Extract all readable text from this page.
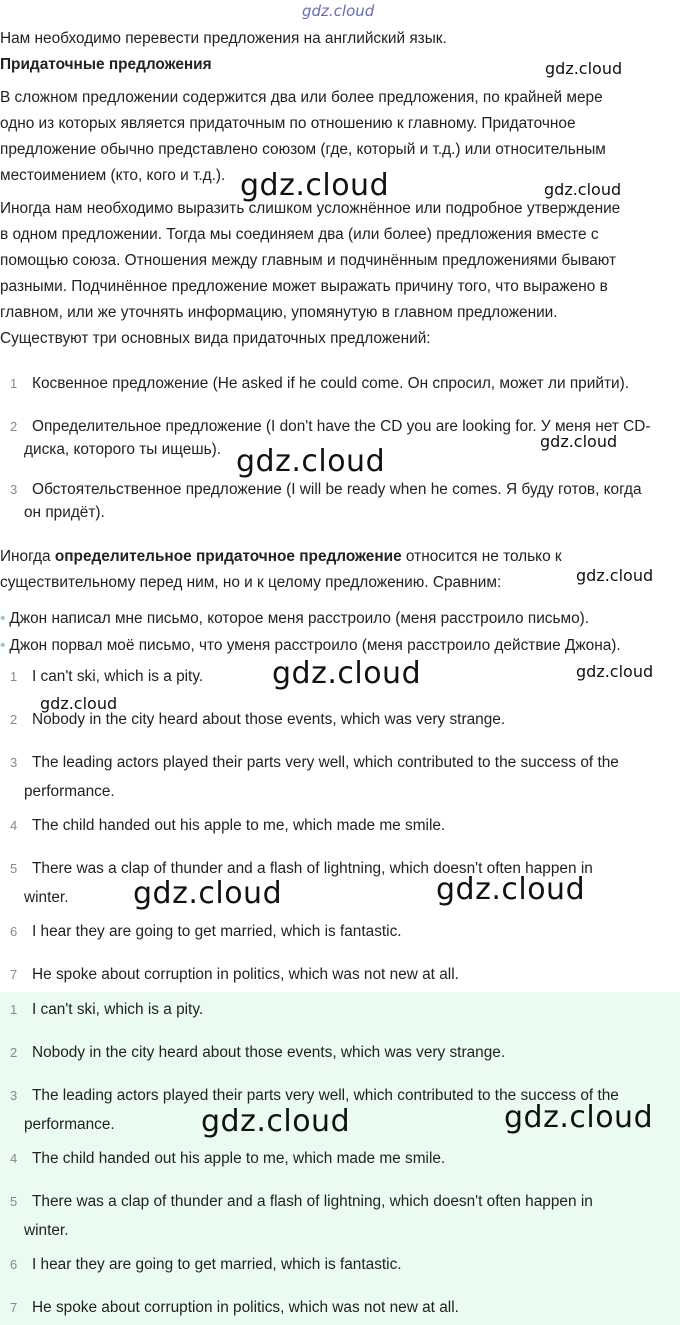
gdz.cloud
Нам необходимо перевести предложения на английский язык.
Придаточные предложения
В сложном предложении содержится два или более предложения, по крайней мере
одно из которых является придаточным по отношению к главному. Придаточное
предложение обычно представлено союзом (где, который и т.д.) или относительным
местоимением (кто, кого и т.д.).
Иногда нам необходимо выразить слишком усложнённое или подробное утверждение
в одном предложении. Тогда мы соединяем два (или более) предложения вместе с
помощью союза. Отношения между главным и подчинённым предложениями бывают
разными. Подчинённое предложение может выражать причину того, что выражено в
главном, или же уточнять информацию, упомянутую в главном предложении.
Существуют три основных вида придаточных предложений:
1 Косвенное предложение (He asked if he could come. Он спросил, может ли прийти).
2 Определительное предложение (I don't have the CD you are looking for. У меня нет CD-
диска, которого ты ищешь).
3 Обстоятельственное предложение (I will be ready when he comes. Я буду готов, когда
он придёт).
Иногда определительное придаточное предложение относится не только к
существительному перед ним, но и к целому предложению. Сравним:
• Джон написал мне письмо, которое меня расстроило (меня расстроило письмо).
• Джон порвал моё письмо, что уменя расстроило (меня расстроило действие Джона).
1 I can't ski, which is a pity.
2 Nobody in the city heard about those events, which was very strange.
3 The leading actors played their parts very well, which contributed to the success of the
performance.
4 The child handed out his apple to me, which made me smile.
5 There was a clap of thunder and a flash of lightning, which doesn't often happen in
winter.
6 I hear they are going to get married, which is fantastic.
7 He spoke about corruption in politics, which was not new at all.
1 I can't ski, which is a pity.
2 Nobody in the city heard about those events, which was very strange.
3 The leading actors played their parts very well, which contributed to the success of the
performance.
4 The child handed out his apple to me, which made me smile.
5 There was a clap of thunder and a flash of lightning, which doesn't often happen in
winter.
6 I hear they are going to get married, which is fantastic.
7 He spoke about corruption in politics, which was not new at all.
gdz.cloud
gdz.cloud	gdz.cloud
gdz.cloud
gdz.cloud
gdz.cloud
gdz.cloud	gdz.cloud
gdz.cloud
gdz.cloud	gdz.cloud
gdz.cloud	gdz.cloud
